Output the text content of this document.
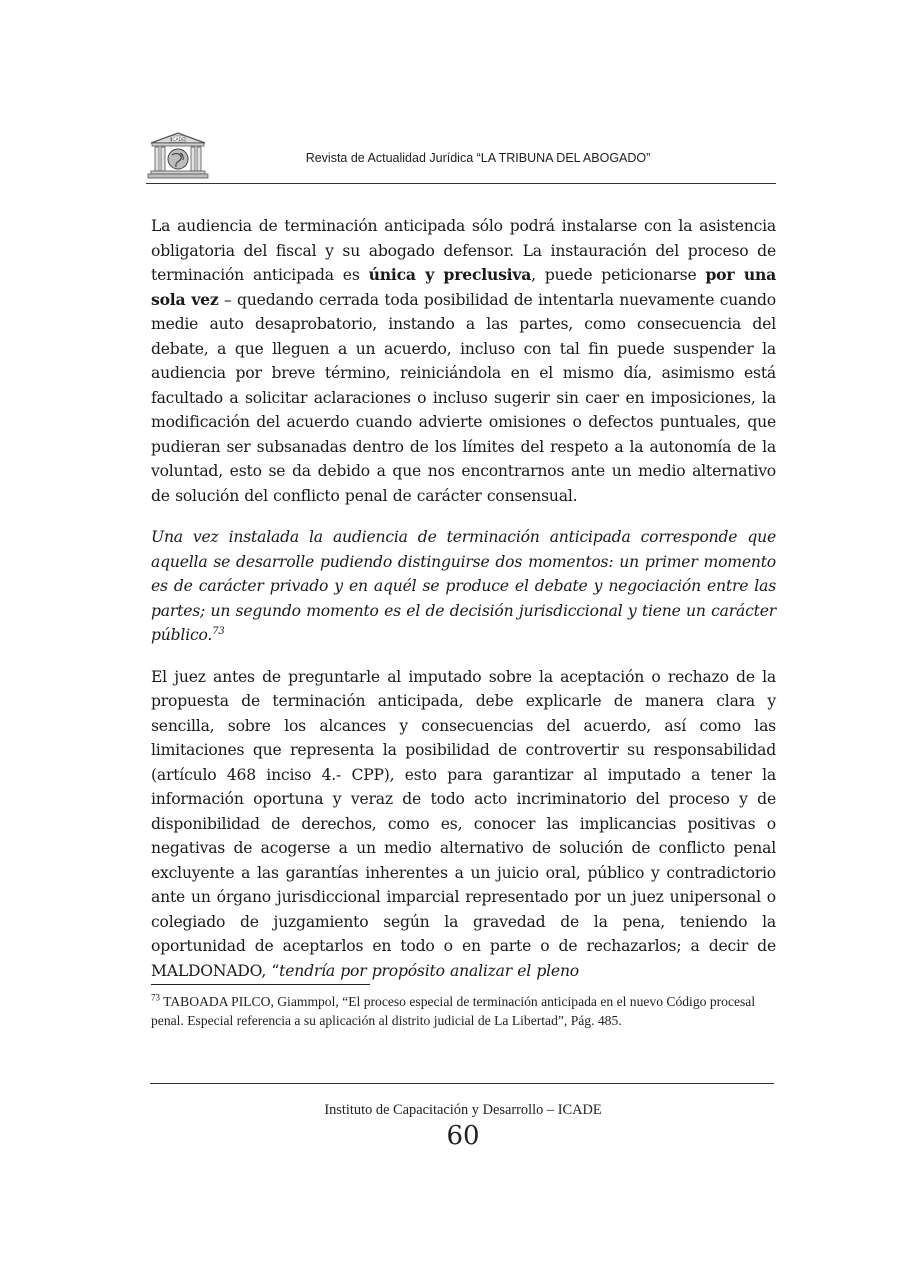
ICADE
Revista de Actualidad Jurídica “LA TRIBUNA DEL ABOGADO”

La audiencia de terminación anticipada sólo podrá instalarse con la asistencia obligatoria del fiscal y su abogado defensor. La instauración del proceso de terminación anticipada es única y preclusiva, puede peticionarse por una sola vez – quedando cerrada toda posibilidad de intentarla nuevamente cuando medie auto desaprobatorio, instando a las partes, como consecuencia del debate, a que lleguen a un acuerdo, incluso con tal fin puede suspender la audiencia por breve término, reiniciándola en el mismo día, asimismo está facultado a solicitar aclaraciones o incluso sugerir sin caer en imposiciones, la modificación del acuerdo cuando advierte omisiones o defectos puntuales, que pudieran ser subsanadas dentro de los límites del respeto a la autonomía de la voluntad, esto se da debido a que nos encontrarnos ante un medio alternativo de solución del conflicto penal de carácter consensual.

Una vez instalada la audiencia de terminación anticipada corresponde que aquella se desarrolle pudiendo distinguirse dos momentos: un primer momento es de carácter privado y en aquél se produce el debate y negociación entre las partes; un segundo momento es el de decisión jurisdiccional y tiene un carácter público.$^{73}$

El juez antes de preguntarle al imputado sobre la aceptación o rechazo de la propuesta de terminación anticipada, debe explicarle de manera clara y sencilla, sobre los alcances y consecuencias del acuerdo, así como las limitaciones que representa la posibilidad de controvertir su responsabilidad (artículo 468 inciso 4.- CPP), esto para garantizar al imputado a tener la información oportuna y veraz de todo acto incriminatorio del proceso y de disponibilidad de derechos, como es, conocer las implicancias positivas o negativas de acogerse a un medio alternativo de solución de conflicto penal excluyente a las garantías inherentes a un juicio oral, público y contradictorio ante un órgano jurisdiccional imparcial representado por un juez unipersonal o colegiado de juzgamiento según la gravedad de la pena, teniendo la oportunidad de aceptarlos en todo o en parte o de rechazarlos; a decir de MALDONADO, “tendría por propósito analizar el pleno

$^{73}$ TABOADA PILCO, Giammpol, “El proceso especial de terminación anticipada en el nuevo Código procesal penal. Especial referencia a su aplicación al distrito judicial de La Libertad”, Pág. 485.
Instituto de Capacitación y Desarrollo – ICADE
60
